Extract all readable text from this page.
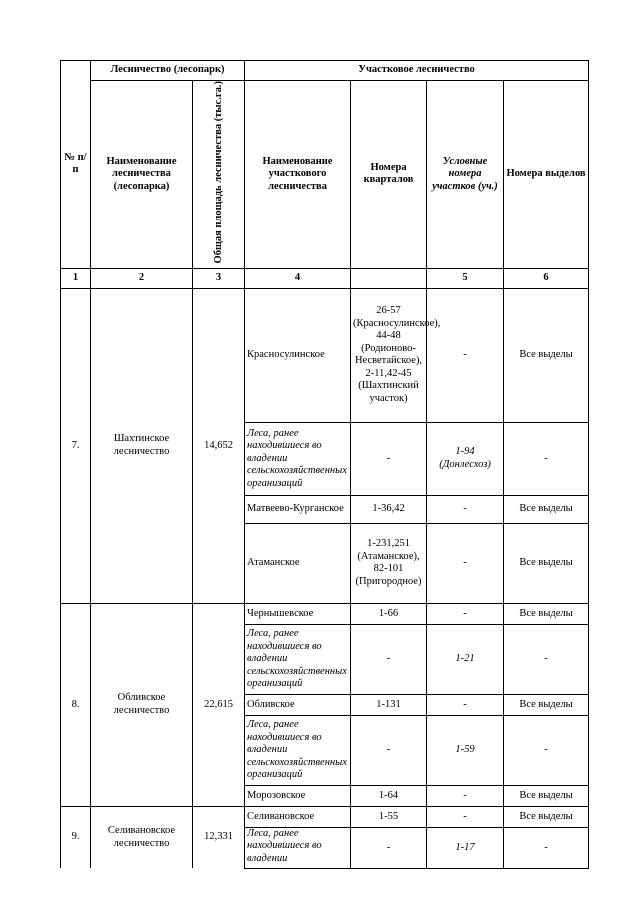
№ п/п	Лесничество (лесопарк)		Участковое лесничество			
	Наименование лесничества (лесопарка)	Общая площадь лесничества (тыс.га.)	Наименование участкового лесничества	Номера кварталов	Условные номера участков (уч.)	Номера выделов
1	2	3	4		5	6
7.	Шахтинское лесничество	14,652	Красносулинское	26-57 (Красносулинское), 44-48 (Родионово-Несветайское), 2-11,42-45 (Шахтинский участок)	-	Все выделы
			Леса, ранее находившиеся во владении сельскохозяйственных организаций	-	1-94 (Донлесхоз)	-
			Матвеево-Курганское	1-36,42	-	Все выделы
			Атаманское	1-231,251 (Атаманское), 82-101 (Пригородное)	-	Все выделы
8.	Обливское лесничество	22,615	Чернышевское	1-66	-	Все выделы
			Леса, ранее находившиеся во владении сельскохозяйственных организаций	-	1-21	-
			Обливское	1-131	-	Все выделы
			Леса, ранее находившиеся во владении сельскохозяйственных организаций	-	1-59	-
			Морозовское	1-64	-	Все выделы
9.	Селивановское лесничество	12,331	Селивановское	1-55	-	Все выделы

			Леса, ранее находившиеся во владении	-	1-17	-
